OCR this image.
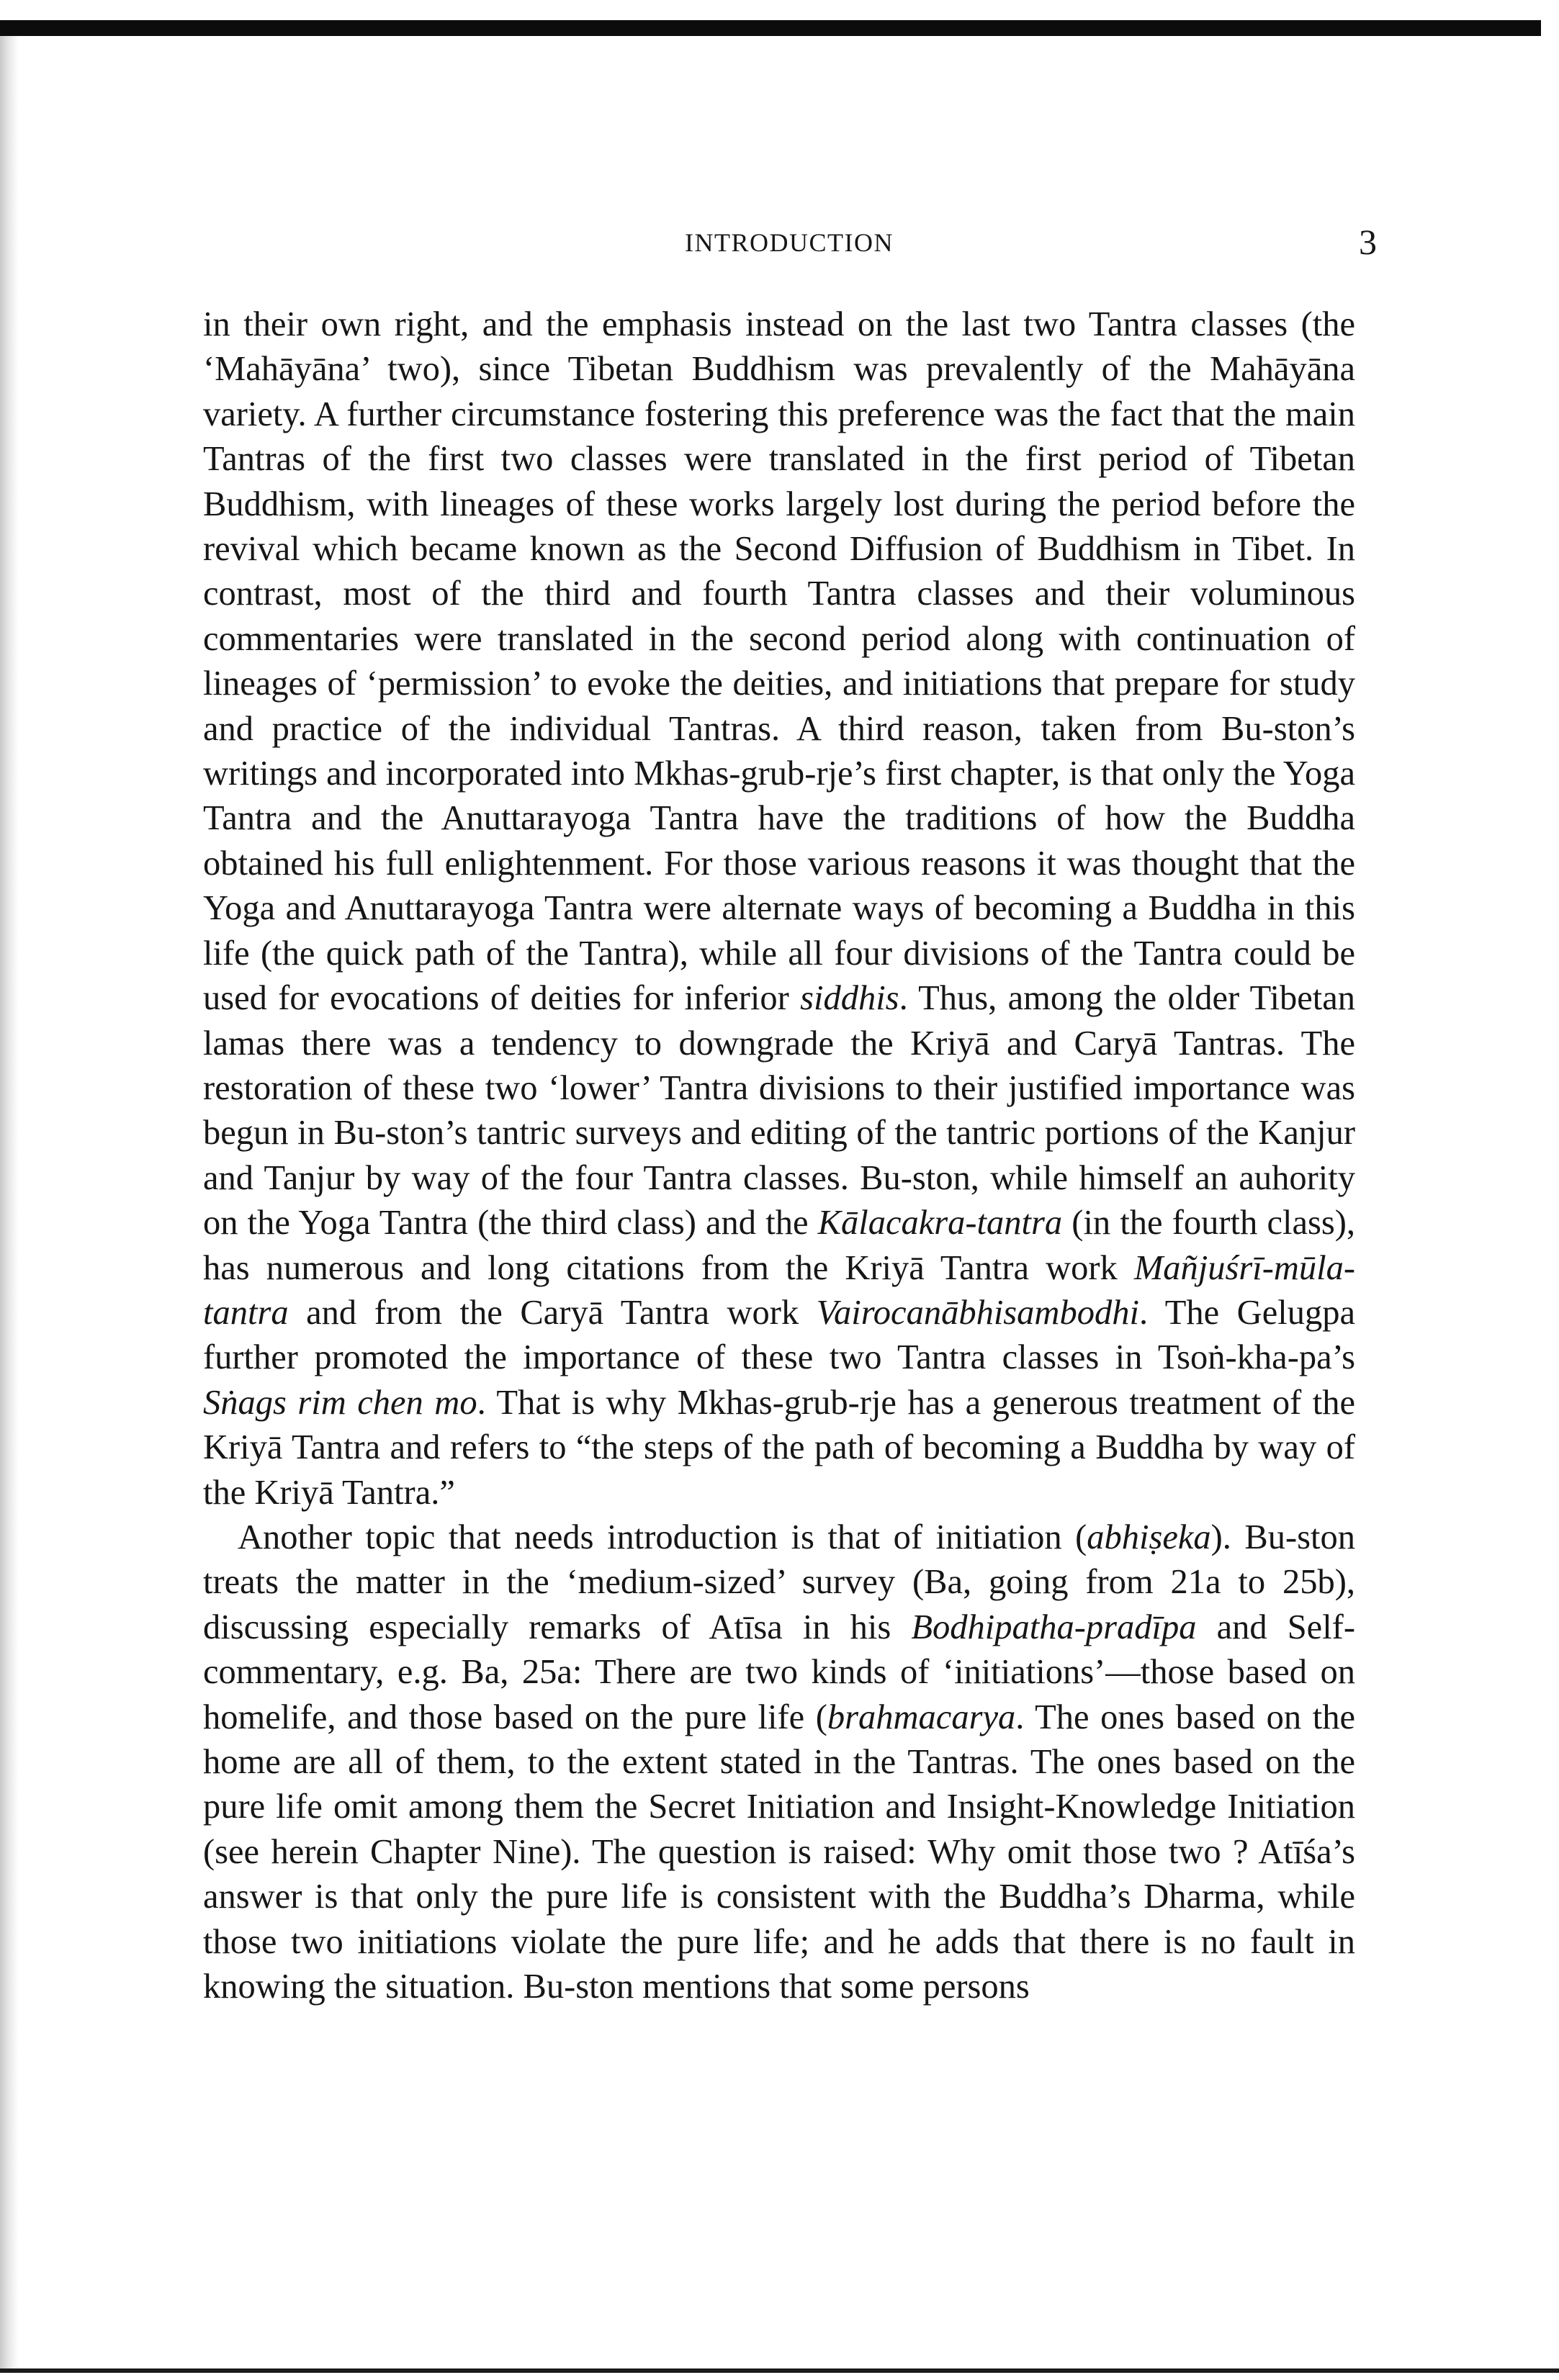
INTRODUCTION	3

in their own right, and the emphasis instead on the last two Tantra classes (the ‘Mahāyāna’ two), since Tibetan Buddhism was prevalently of the Mahāyāna variety. A further circumstance fostering this preference was the fact that the main Tantras of the first two classes were translated in the first period of Tibetan Buddhism, with lineages of these works largely lost during the period before the revival which became known as the Second Diffusion of Buddhism in Tibet. In contrast, most of the third and fourth Tantra classes and their voluminous commentaries were translated in the second period along with continuation of lineages of ‘permission’ to evoke the deities, and initiations that prepare for study and practice of the individual Tantras. A third reason, taken from Bu-ston’s writings and incorporated into Mkhas-grub-rje’s first chapter, is that only the Yoga Tantra and the Anuttarayoga Tantra have the traditions of how the Buddha obtained his full enlightenment. For those various reasons it was thought that the Yoga and Anuttarayoga Tantra were alternate ways of becoming a Buddha in this life (the quick path of the Tantra), while all four divisions of the Tantra could be used for evocations of deities for inferior siddhis. Thus, among the older Tibetan lamas there was a tendency to downgrade the Kriyā and Caryā Tantras. The restoration of these two ‘lower’ Tantra divisions to their justified importance was begun in Bu-ston’s tantric surveys and editing of the tantric portions of the Kanjur and Tanjur by way of the four Tantra classes. Bu-ston, while himself an auhority on the Yoga Tantra (the third class) and the Kālacakra-tantra (in the fourth class), has numerous and long citations from the Kriyā Tantra work Mañjuśrī-mūla-tantra and from the Caryā Tantra work Vairocanābhisambodhi. The Gelugpa further promoted the importance of these two Tantra classes in Tsoṅ-kha-pa’s Sṅags rim chen mo. That is why Mkhas-grub-rje has a generous treatment of the Kriyā Tantra and refers to “the steps of the path of becoming a Buddha by way of the Kriyā Tantra.”

Another topic that needs introduction is that of initiation (abhiṣeka). Bu-ston treats the matter in the ‘medium-sized’ survey (Ba, going from 21a to 25b), discussing especially remarks of Atīsa in his Bodhipatha-pradīpa and Self-commentary, e.g. Ba, 25a: There are two kinds of ‘initiations’—those based on homelife, and those based on the pure life (brahmacarya. The ones based on the home are all of them, to the extent stated in the Tantras. The ones based on the pure life omit among them the Secret Initiation and Insight-Knowledge Initiation (see herein Chapter Nine). The question is raised: Why omit those two ? Atīśa’s answer is that only the pure life is consistent with the Buddha’s Dharma, while those two initiations violate the pure life; and he adds that there is no fault in knowing the situation. Bu-ston mentions that some persons
